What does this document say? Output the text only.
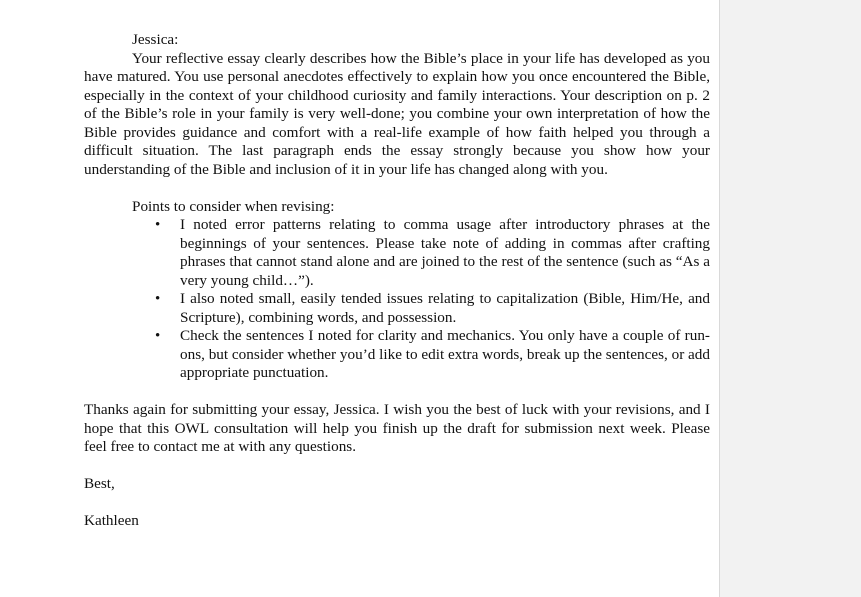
Jessica:

Your reflective essay clearly describes how the Bible’s place in your life has developed as you have matured. You use personal anecdotes effectively to explain how you once encountered the Bible, especially in the context of your childhood curiosity and family interactions. Your description on p. 2 of the Bible’s role in your family is very well-done; you combine your own interpretation of how the Bible provides guidance and comfort with a real-life example of how faith helped you through a difficult situation. The last paragraph ends the essay strongly because you show how your understanding of the Bible and inclusion of it in your life has changed along with you.

Points to consider when revising:

• I noted error patterns relating to comma usage after introductory phrases at the beginnings of your sentences. Please take note of adding in commas after crafting phrases that cannot stand alone and are joined to the rest of the sentence (such as “As a very young child…”).
• I also noted small, easily tended issues relating to capitalization (Bible, Him/He, and Scripture), combining words, and possession.
• Check the sentences I noted for clarity and mechanics. You only have a couple of run-ons, but consider whether you’d like to edit extra words, break up the sentences, or add appropriate punctuation.

Thanks again for submitting your essay, Jessica. I wish you the best of luck with your revisions, and I hope that this OWL consultation will help you finish up the draft for submission next week. Please feel free to contact me at with any questions.

Best,

Kathleen
